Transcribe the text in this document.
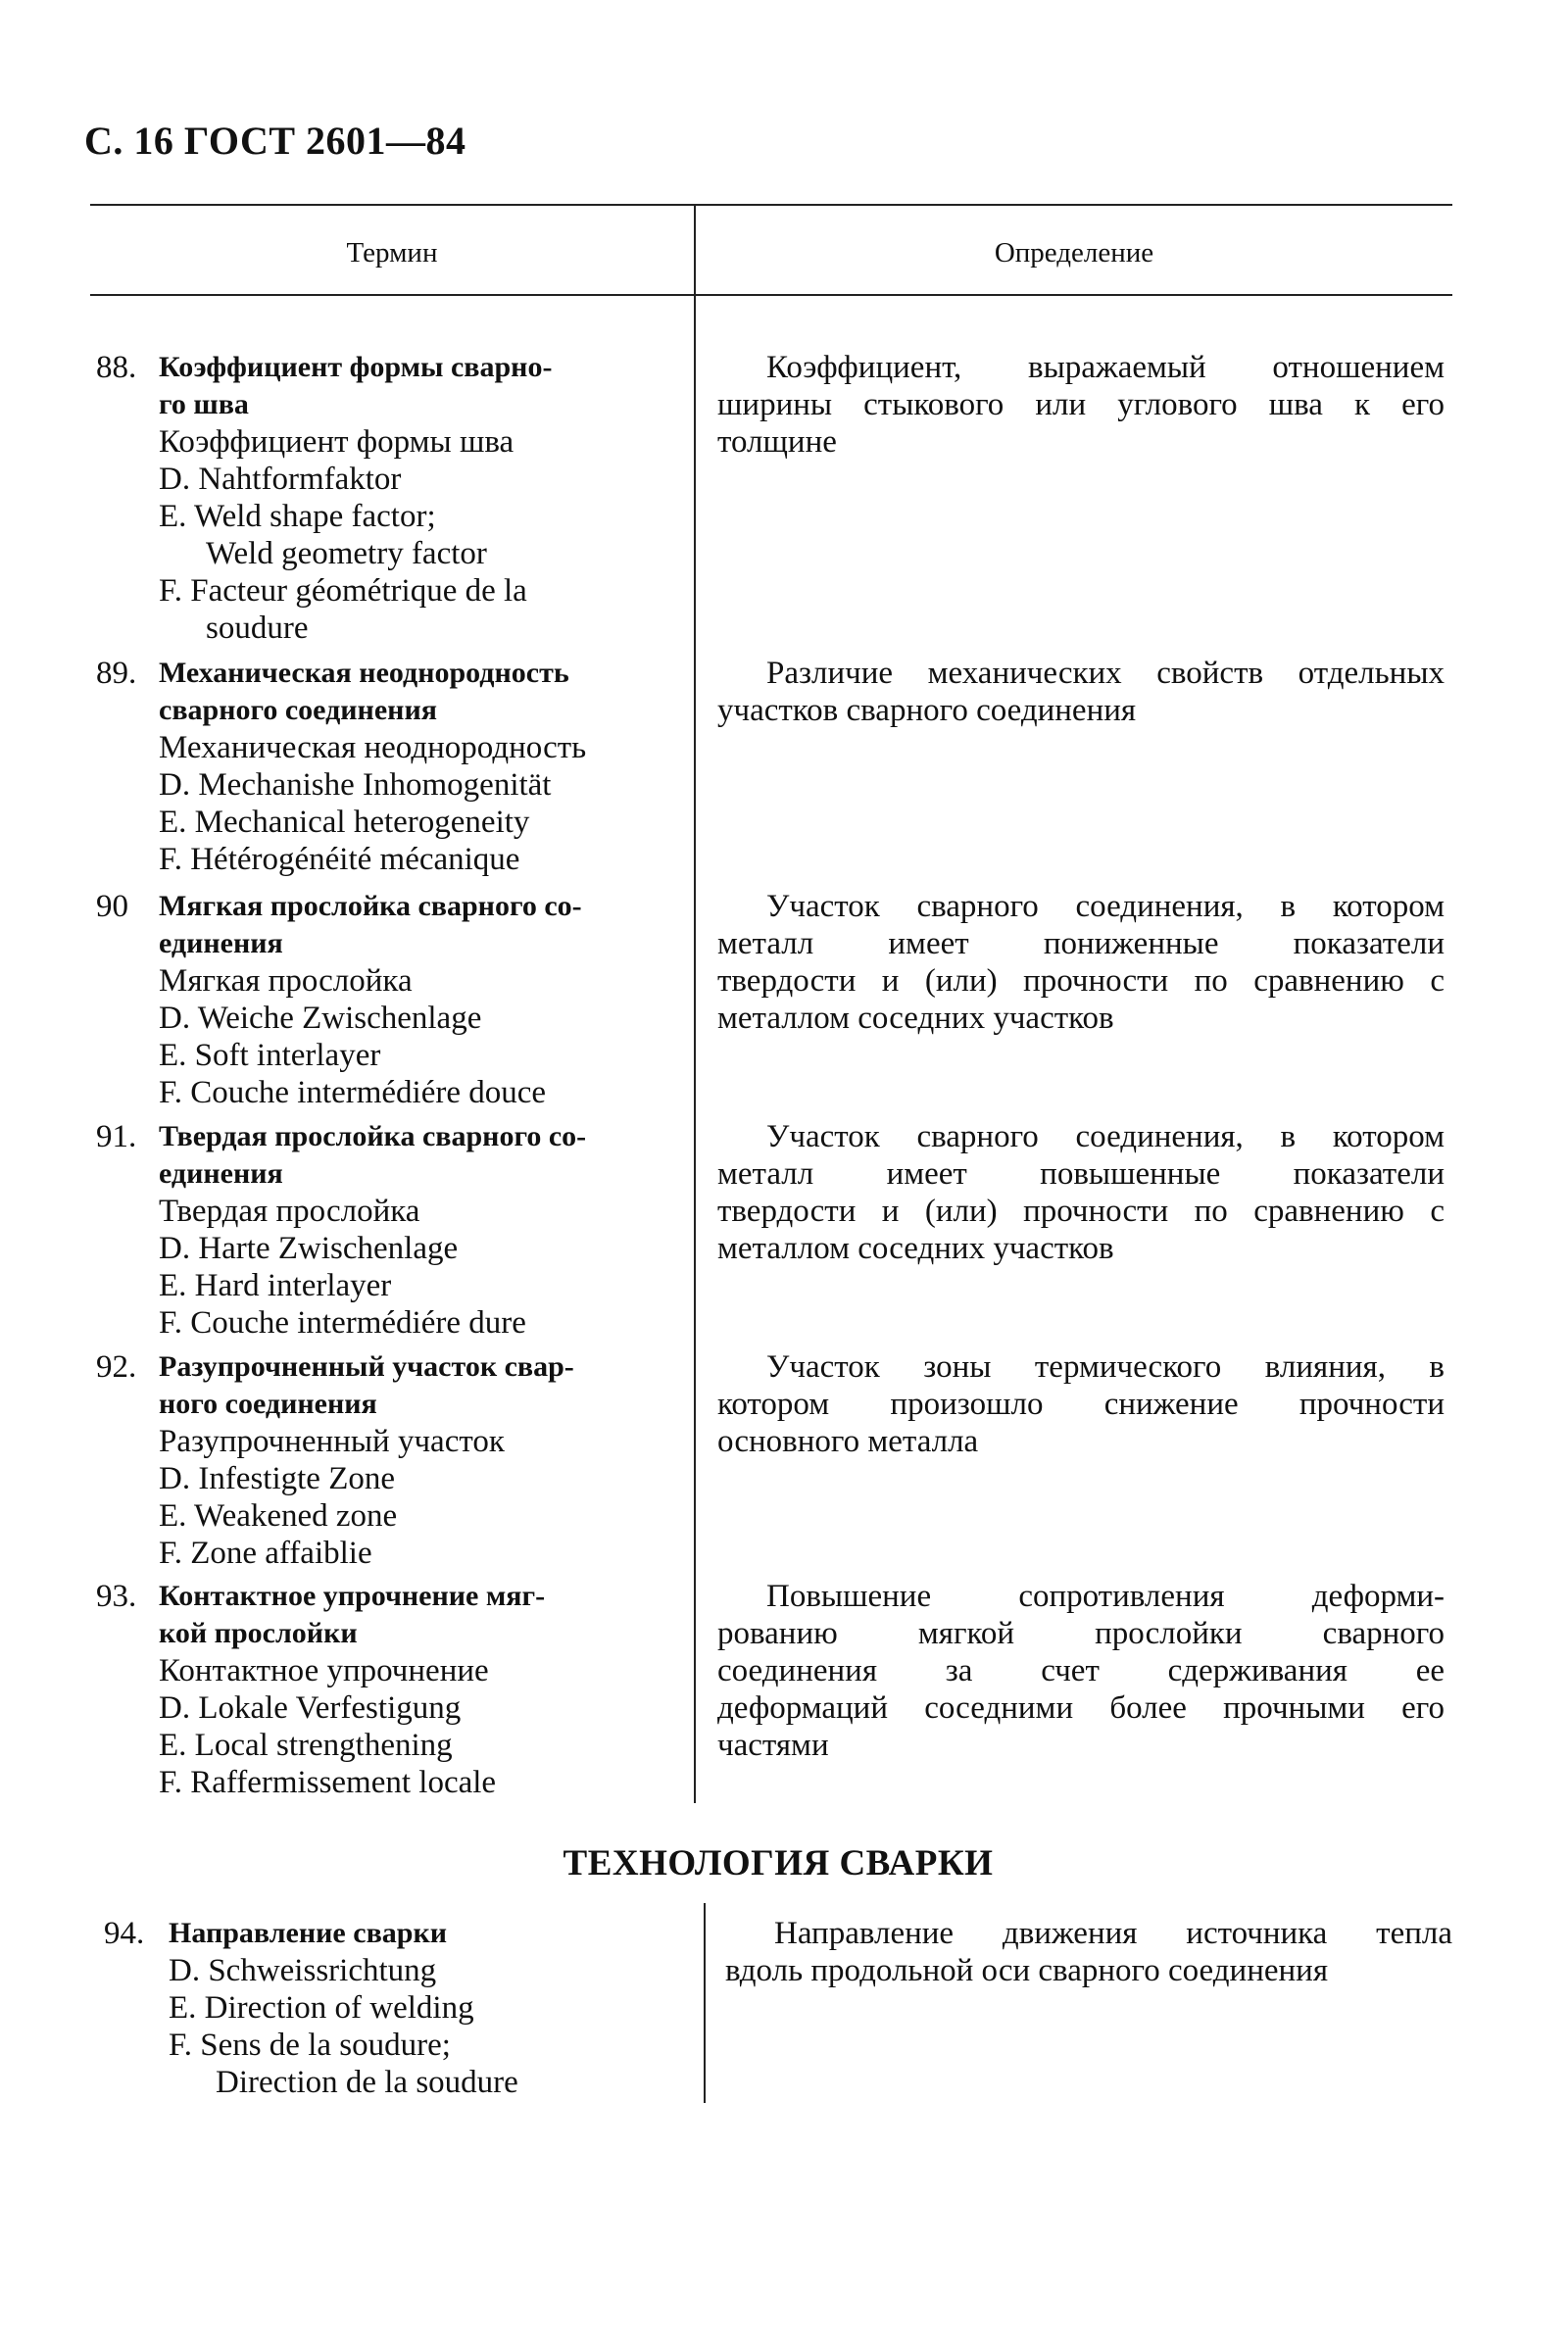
С. 16 ГОСТ 2601—84
Термин	Определение
88. Коэффициент формы сварно-
го шва
Коэффициент формы шва
D. Nahtformfaktor
E. Weld shape factor;
Weld geometry factor
F. Facteur géométrique de la
soudure
Коэффициент, выражаемый отношением
ширины стыкового или углового шва к его
толщине
89. Механическая неоднородность
сварного соединения
Механическая неоднородность
D. Mechanishe Inhomogenität
E. Mechanical heterogeneity
F. Hétérogénéité mécanique
Различие механических свойств отдельных
участков сварного соединения
90	Мягкая прослойка сварного со-
единения
Мягкая прослойка
D. Weiche Zwischenlage
E. Soft interlayer
F. Couche intermédiére douce
Участок сварного соединения, в котором
металл имеет пониженные показатели
твердости и (или) прочности по сравнению с
металлом соседних участков
91. Твердая прослойка сварного со-
единения
Твердая прослойка
D. Harte Zwischenlage
E. Hard interlayer
F. Couche intermédiére dure
Участок сварного соединения, в котором
металл имеет повышенные показатели
твердости и (или) прочности по сравнению с
металлом соседних участков
92. Разупрочненный участок свар-
ного соединения
Разупрочненный участок
D. Infestigte Zone
E. Weakened zone
F. Zone affaiblie
Участок зоны термического влияния, в
котором произошло снижение прочности
основного металла
93. Контактное упрочнение мяг-
кой прослойки
Контактное упрочнение
D. Lokale Verfestigung
E. Local strengthening
F. Raffermissement locale
Повышение сопротивления деформи-
рованию мягкой прослойки сварного
соединения за счет сдерживания ее
деформаций соседними более прочными его
частями
ТЕХНОЛОГИЯ СВАРКИ
94. Направление сварки
D. Schweissrichtung
E. Direction of welding
F. Sens de la soudure;
Direction de la soudure
Направление движения источника тепла
вдоль продольной оси сварного соединения
